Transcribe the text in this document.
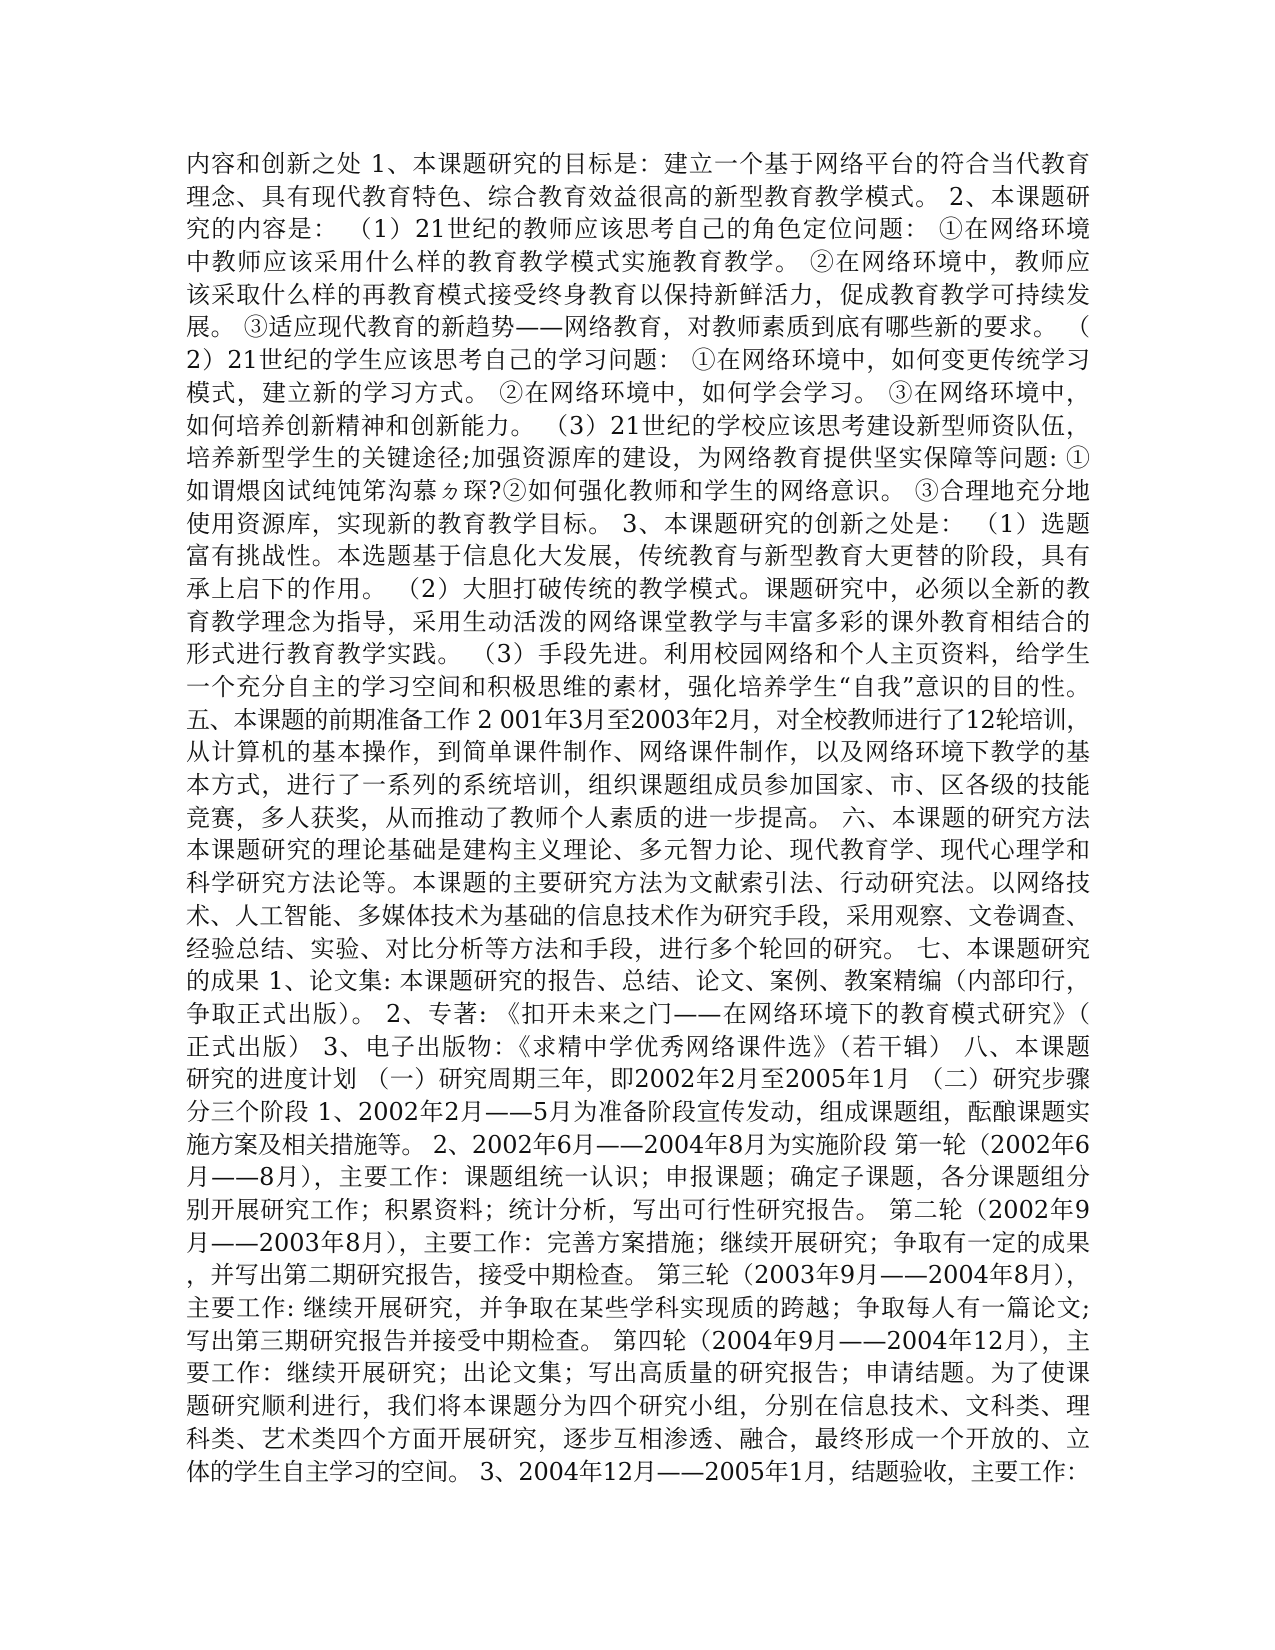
内容和创新之处 1、本课题研究的目标是：建立一个基于网络平台的符合当代教育
理念、具有现代教育特色、综合教育效益很高的新型教育教学模式。 2、本课题研
究的内容是： （1）21世纪的教师应该思考自己的角色定位问题： ①在网络环境
中教师应该采用什么样的教育教学模式实施教育教学。 ②在网络环境中，教师应
该采取什么样的再教育模式接受终身教育以保持新鲜活力，促成教育教学可持续发
展。 ③适应现代教育的新趋势——网络教育，对教师素质到底有哪些新的要求。 （
2）21世纪的学生应该思考自己的学习问题： ①在网络环境中，如何变更传统学习
模式，建立新的学习方式。 ②在网络环境中，如何学会学习。 ③在网络环境中，
如何培养创新精神和创新能力。 （3）21世纪的学校应该思考建设新型师资队伍，
培养新型学生的关键途径;加强资源库的建设，为网络教育提供坚实保障等问题: ①
如谓煨囟试纯饨笫沟慕ㄉ琛?②如何强化教师和学生的网络意识。 ③合理地充分地
使用资源库，实现新的教育教学目标。 3、本课题研究的创新之处是： （1）选题
富有挑战性。本选题基于信息化大发展，传统教育与新型教育大更替的阶段，具有
承上启下的作用。 （2）大胆打破传统的教学模式。课题研究中，必须以全新的教
育教学理念为指导，采用生动活泼的网络课堂教学与丰富多彩的课外教育相结合的
形式进行教育教学实践。 （3）手段先进。利用校园网络和个人主页资料，给学生
一个充分自主的学习空间和积极思维的素材，强化培养学生“自我”意识的目的性。
五、本课题的前期准备工作 2 001年3月至2003年2月，对全校教师进行了12轮培训，
从计算机的基本操作，到简单课件制作、网络课件制作，以及网络环境下教学的基
本方式，进行了一系列的系统培训，组织课题组成员参加国家、市、区各级的技能
竞赛，多人获奖，从而推动了教师个人素质的进一步提高。 六、本课题的研究方法
本课题研究的理论基础是建构主义理论、多元智力论、现代教育学、现代心理学和
科学研究方法论等。本课题的主要研究方法为文献索引法、行动研究法。以网络技
术、人工智能、多媒体技术为基础的信息技术作为研究手段，采用观察、文卷调查、
经验总结、实验、对比分析等方法和手段，进行多个轮回的研究。 七、本课题研究
的成果 1、论文集: 本课题研究的报告、总结、论文、案例、教案精编（内部印行，
争取正式出版）。 2、专著: 《扣开未来之门——在网络环境下的教育模式研究》（
正式出版） 3、电子出版物：《求精中学优秀网络课件选》（若干辑） 八、本课题
研究的进度计划 （一）研究周期三年，即2002年2月至2005年1月 （二）研究步骤
分三个阶段 1、2002年2月——5月为准备阶段宣传发动，组成课题组，酝酿课题实
施方案及相关措施等。 2、2002年6月——2004年8月为实施阶段 第一轮（2002年6
月——8月），主要工作：课题组统一认识；申报课题；确定子课题，各分课题组分
别开展研究工作；积累资料；统计分析，写出可行性研究报告。 第二轮（2002年9
月——2003年8月），主要工作：完善方案措施；继续开展研究；争取有一定的成果
，并写出第二期研究报告，接受中期检查。 第三轮（2003年9月——2004年8月），
主要工作: 继续开展研究，并争取在某些学科实现质的跨越；争取每人有一篇论文;
写出第三期研究报告并接受中期检查。 第四轮（2004年9月——2004年12月），主
要工作：继续开展研究；出论文集；写出高质量的研究报告；申请结题。为了使课
题研究顺利进行，我们将本课题分为四个研究小组，分别在信息技术、文科类、理
科类、艺术类四个方面开展研究，逐步互相渗透、融合，最终形成一个开放的、立
体的学生自主学习的空间。 3、2004年12月——2005年1月，结题验收，主要工作：
